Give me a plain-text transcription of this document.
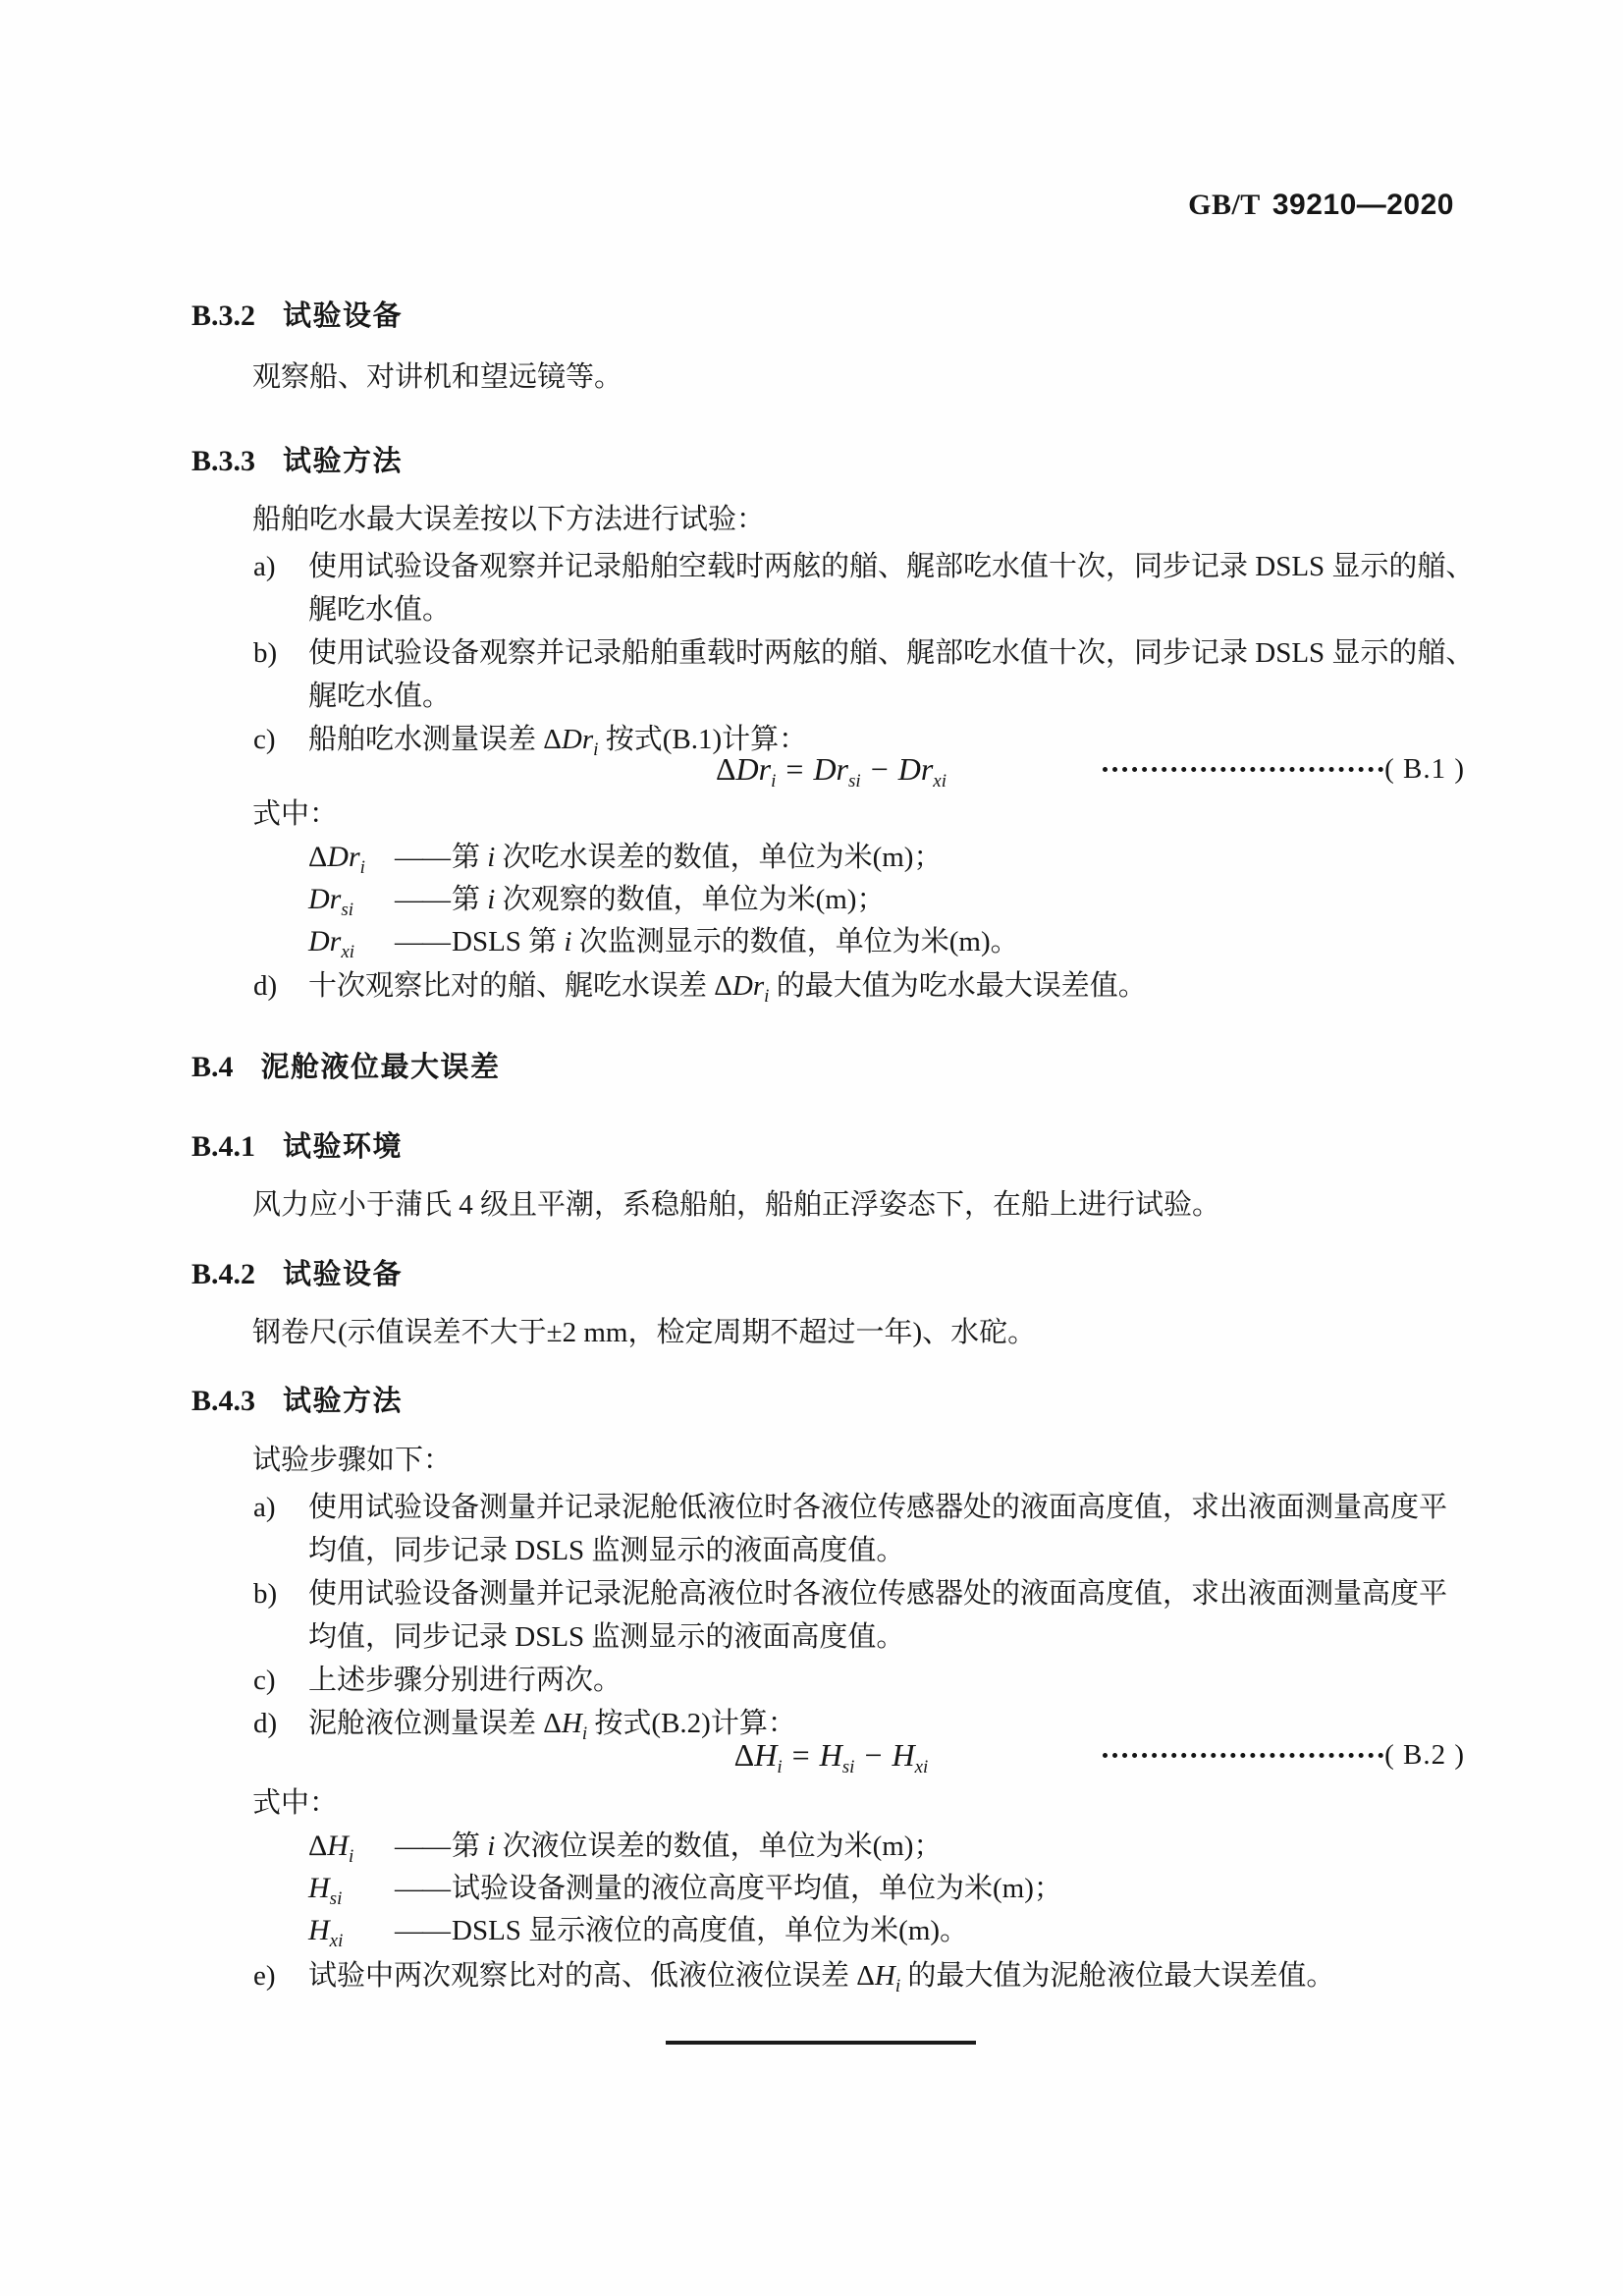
GB/T 39210—2020
B.3.2 试验设备
观察船、对讲机和望远镜等。
B.3.3 试验方法
船舶吃水最大误差按以下方法进行试验：
a) 使用试验设备观察并记录船舶空载时两舷的艏、艉部吃水值十次，同步记录 DSLS 显示的艏、
艉吃水值。
b) 使用试验设备观察并记录船舶重载时两舷的艏、艉部吃水值十次，同步记录 DSLS 显示的艏、
艉吃水值。
c) 船舶吃水测量误差 ΔDr$_i$ 按式(B.1)计算：
$\Delta Dr_i = Dr_{si} - Dr_{xi}$	( B.1 )
式中：
ΔDr$_i$	——第 i 次吃水误差的数值，单位为米(m)；
$Dr_{si}$	——第 i 次观察的数值，单位为米(m)；
$Dr_{xi}$	——DSLS 第 i 次监测显示的数值，单位为米(m)。
d) 十次观察比对的艏、艉吃水误差 ΔDr$_i$ 的最大值为吃水最大误差值。
B.4 泥舱液位最大误差
B.4.1 试验环境
风力应小于蒲氏 4 级且平潮，系稳船舶，船舶正浮姿态下，在船上进行试验。
B.4.2 试验设备
钢卷尺(示值误差不大于±2 mm，检定周期不超过一年)、水砣。
B.4.3 试验方法
试验步骤如下：
a) 使用试验设备测量并记录泥舱低液位时各液位传感器处的液面高度值，求出液面测量高度平
均值，同步记录 DSLS 监测显示的液面高度值。
b) 使用试验设备测量并记录泥舱高液位时各液位传感器处的液面高度值，求出液面测量高度平
均值，同步记录 DSLS 监测显示的液面高度值。
c) 上述步骤分别进行两次。
d) 泥舱液位测量误差 $\Delta H_i$ 按式(B.2)计算：
$\Delta H_i = H_{si} - H_{xi}$	( B.2 )
式中：
$\Delta H_i$	——第 i 次液位误差的数值，单位为米(m)；
$H_{si}$	——试验设备测量的液位高度平均值，单位为米(m)；
$H_{xi}$	——DSLS 显示液位的高度值，单位为米(m)。
e) 试验中两次观察比对的高、低液位液位误差 $\Delta H_i$ 的最大值为泥舱液位最大误差值。
